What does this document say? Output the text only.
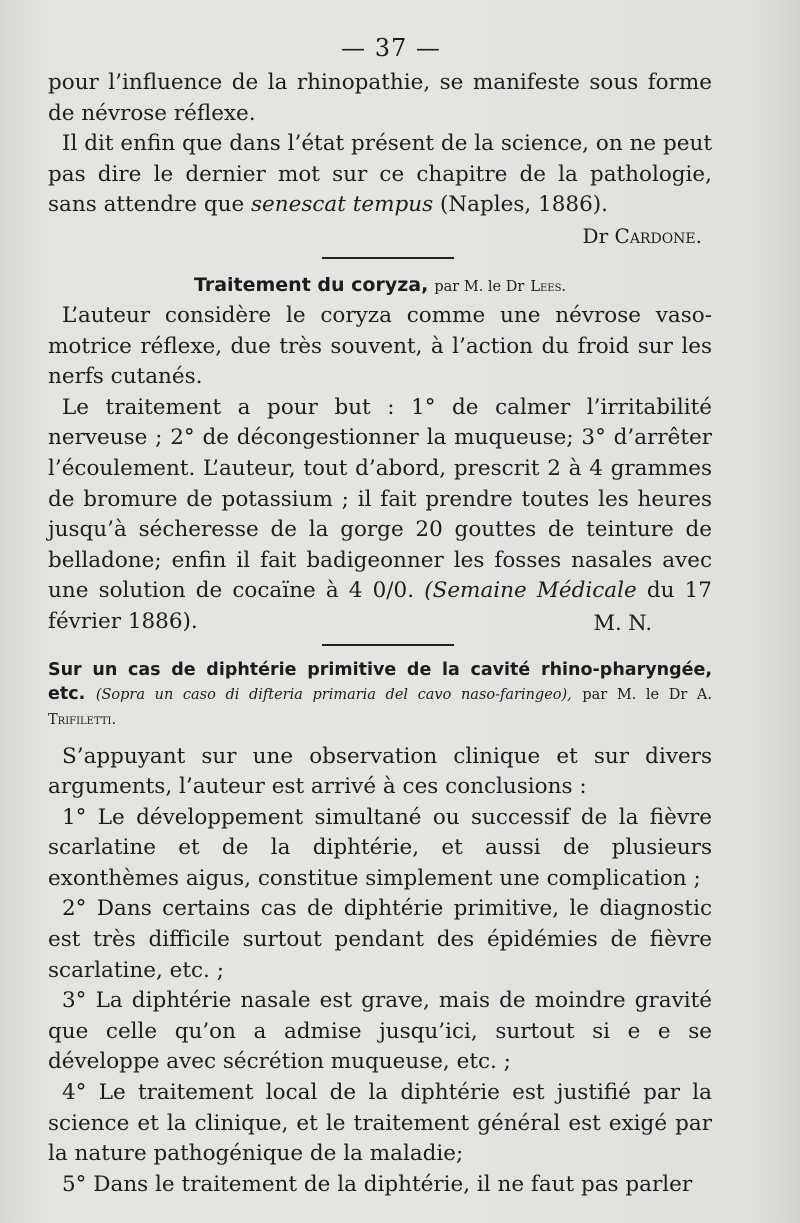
— 37 —

pour l’influence de la rhinopathie, se manifeste sous forme de névrose réflexe.

Il dit enfin que dans l’état présent de la science, on ne peut pas dire le dernier mot sur ce chapitre de la pathologie, sans attendre que senescat tempus (Naples, 1886).

Dr Cardone.
Traitement du coryza, par M. le Dr Lees.

L’auteur considère le coryza comme une névrose vaso-motrice réflexe, due très souvent, à l’action du froid sur les nerfs cutanés.

Le traitement a pour but : 1° de calmer l’irritabilité nerveuse ; 2° de décongestionner la muqueuse; 3° d’arrêter l’écoulement. L’auteur, tout d’abord, prescrit 2 à 4 grammes de bromure de potassium ; il fait prendre toutes les heures jusqu’à sécheresse de la gorge 20 gouttes de teinture de belladone; enfin il fait badigeonner les fosses nasales avec une solution de cocaïne à 4 0/0. (Semaine Médicale du 17 février 1886).	M. N.
Sur un cas de diphtérie primitive de la cavité rhino-pharyngée, etc. (Sopra un caso di difteria primaria del cavo naso-faringeo), par M. le Dr A. Trifiletti.

S’appuyant sur une observation clinique et sur divers arguments, l’auteur est arrivé à ces conclusions :

1° Le développement simultané ou successif de la fièvre scarlatine et de la diphtérie, et aussi de plusieurs exonthèmes aigus, constitue simplement une complication ;

2° Dans certains cas de diphtérie primitive, le diagnostic est très difficile surtout pendant des épidémies de fièvre scarlatine, etc. ;

3° La diphtérie nasale est grave, mais de moindre gravité que celle qu’on a admise jusqu’ici, surtout si e e se développe avec sécrétion muqueuse, etc. ;

4° Le traitement local de la diphtérie est justifié par la science et la clinique, et le traitement général est exigé par la nature pathogénique de la maladie;

5° Dans le traitement de la diphtérie, il ne faut pas parler
